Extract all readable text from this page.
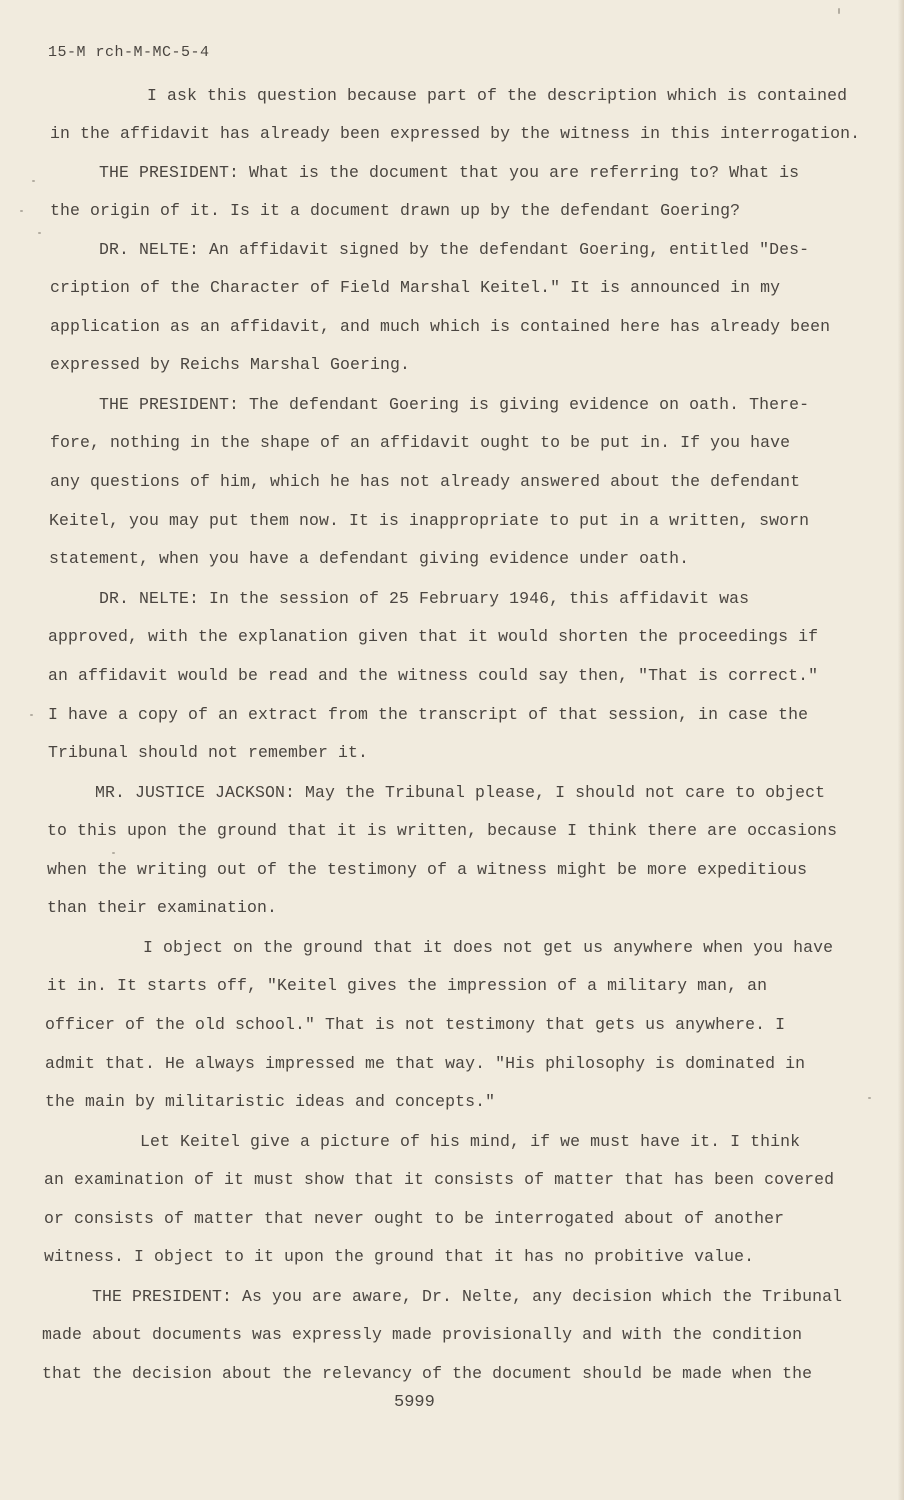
15-M rch-M-MC-5-4
I ask this question because part of the description which is contained
in the affidavit has already been expressed by the witness in this interrogation.
THE PRESIDENT: What is the document that you are referring to? What is
the origin of it. Is it a document drawn up by the defendant Goering?
DR. NELTE: An affidavit signed by the defendant Goering, entitled "Des-
cription of the Character of Field Marshal Keitel." It is announced in my
application as an affidavit, and much which is contained here has already been
expressed by Reichs Marshal Goering.
THE PRESIDENT: The defendant Goering is giving evidence on oath. There-
fore, nothing in the shape of an affidavit ought to be put in. If you have
any questions of him, which he has not already answered about the defendant
Keitel, you may put them now. It is inappropriate to put in a written, sworn
statement, when you have a defendant giving evidence under oath.
DR. NELTE: In the session of 25 February 1946, this affidavit was
approved, with the explanation given that it would shorten the proceedings if
an affidavit would be read and the witness could say then, "That is correct."
I have a copy of an extract from the transcript of that session, in case the
Tribunal should not remember it.
MR. JUSTICE JACKSON: May the Tribunal please, I should not care to object
to this upon the ground that it is written, because I think there are occasions
when the writing out of the testimony of a witness might be more expeditious
than their examination.
I object on the ground that it does not get us anywhere when you have
it in. It starts off, "Keitel gives the impression of a military man, an
officer of the old school." That is not testimony that gets us anywhere. I
admit that. He always impressed me that way. "His philosophy is dominated in
the main by militaristic ideas and concepts."
Let Keitel give a picture of his mind, if we must have it. I think
an examination of it must show that it consists of matter that has been covered
or consists of matter that never ought to be interrogated about of another
witness. I object to it upon the ground that it has no probitive value.
THE PRESIDENT: As you are aware, Dr. Nelte, any decision which the Tribunal
made about documents was expressly made provisionally and with the condition
that the decision about the relevancy of the document should be made when the
5999
